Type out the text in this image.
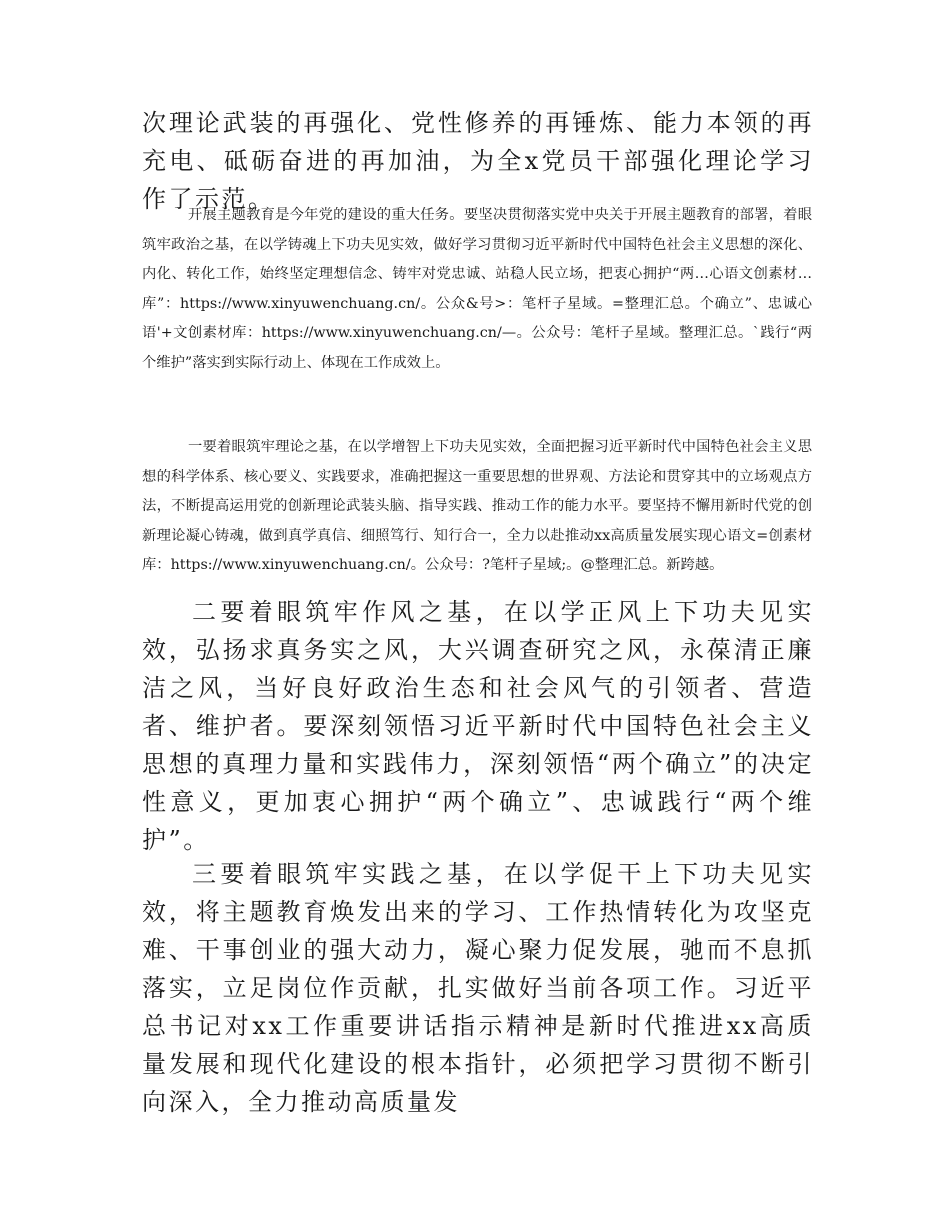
次理论武装的再强化、党性修养的再锤炼、能力本领的再充电、砥砺奋进的再加油，为全x党员干部强化理论学习作了示范。

开展主题教育是今年党的建设的重大任务。要坚决贯彻落实党中央关于开展主题教育的部署，着眼筑牢政治之基，在以学铸魂上下功夫见实效，做好学习贯彻习近平新时代中国特色社会主义思想的深化、内化、转化工作，始终坚定理想信念、铸牢对党忠诚、站稳人民立场，把衷心拥护“两…心语文创素材…库”：https://www.xinyuwenchuang.cn/。公众&号>：笔杆子星域。=整理汇总。个确立”、忠诚心语'+文创素材库：https://www.xinyuwenchuang.cn/—。公众号：笔杆子星域。整理汇总。`践行“两个维护”落实到实际行动上、体现在工作成效上。

一要着眼筑牢理论之基，在以学增智上下功夫见实效，全面把握习近平新时代中国特色社会主义思想的科学体系、核心要义、实践要求，准确把握这一重要思想的世界观、方法论和贯穿其中的立场观点方法，不断提高运用党的创新理论武装头脑、指导实践、推动工作的能力水平。要坚持不懈用新时代党的创新理论凝心铸魂，做到真学真信、细照笃行、知行合一，全力以赴推动xx高质量发展实现心语文=创素材库：https://www.xinyuwenchuang.cn/。公众号：?笔杆子星域;。@整理汇总。新跨越。

二要着眼筑牢作风之基，在以学正风上下功夫见实效，弘扬求真务实之风，大兴调查研究之风，永葆清正廉洁之风，当好良好政治生态和社会风气的引领者、营造者、维护者。要深刻领悟习近平新时代中国特色社会主义思想的真理力量和实践伟力，深刻领悟“两个确立”的决定性意义，更加衷心拥护“两个确立”、忠诚践行“两个维护”。

三要着眼筑牢实践之基，在以学促干上下功夫见实效，将主题教育焕发出来的学习、工作热情转化为攻坚克难、干事创业的强大动力，凝心聚力促发展，驰而不息抓落实，立足岗位作贡献，扎实做好当前各项工作。习近平总书记对xx工作重要讲话指示精神是新时代推进xx高质量发展和现代化建设的根本指针，必须把学习贯彻不断引向深入，全力推动高质量发
